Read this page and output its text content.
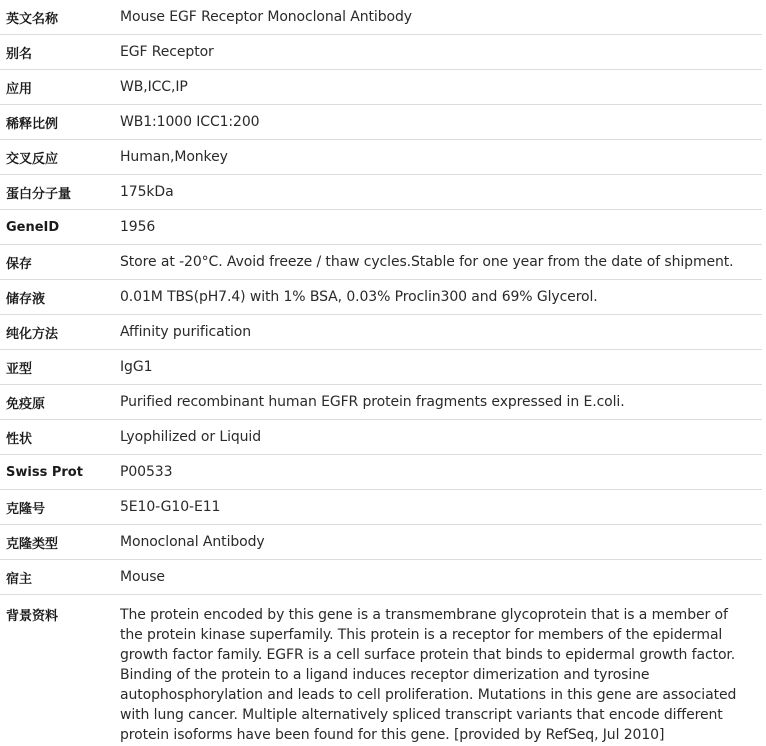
英文名称	Mouse EGF Receptor Monoclonal Antibody
别名	EGF Receptor
应用	WB,ICC,IP
稀释比例	WB1:1000 ICC1:200
交叉反应	Human,Monkey
蛋白分子量	175kDa
GeneID	1956
保存	Store at -20°C. Avoid freeze / thaw cycles.Stable for one year from the date of shipment.
储存液	0.01M TBS(pH7.4) with 1% BSA, 0.03% Proclin300 and 69% Glycerol.
纯化方法	Affinity purification
亚型	IgG1
免疫原	Purified recombinant human EGFR protein fragments expressed in E.coli.
性状	Lyophilized or Liquid
Swiss Prot	P00533
克隆号	5E10-G10-E11
克隆类型	Monoclonal Antibody
宿主	Mouse
背景资料	The protein encoded by this gene is a transmembrane glycoprotein that is a member of the protein kinase superfamily. This protein is a receptor for members of the epidermal growth factor family. EGFR is a cell surface protein that binds to epidermal growth factor. Binding of the protein to a ligand induces receptor dimerization and tyrosine autophosphorylation and leads to cell proliferation. Mutations in this gene are associated with lung cancer. Multiple alternatively spliced transcript variants that encode different protein isoforms have been found for this gene. [provided by RefSeq, Jul 2010]
